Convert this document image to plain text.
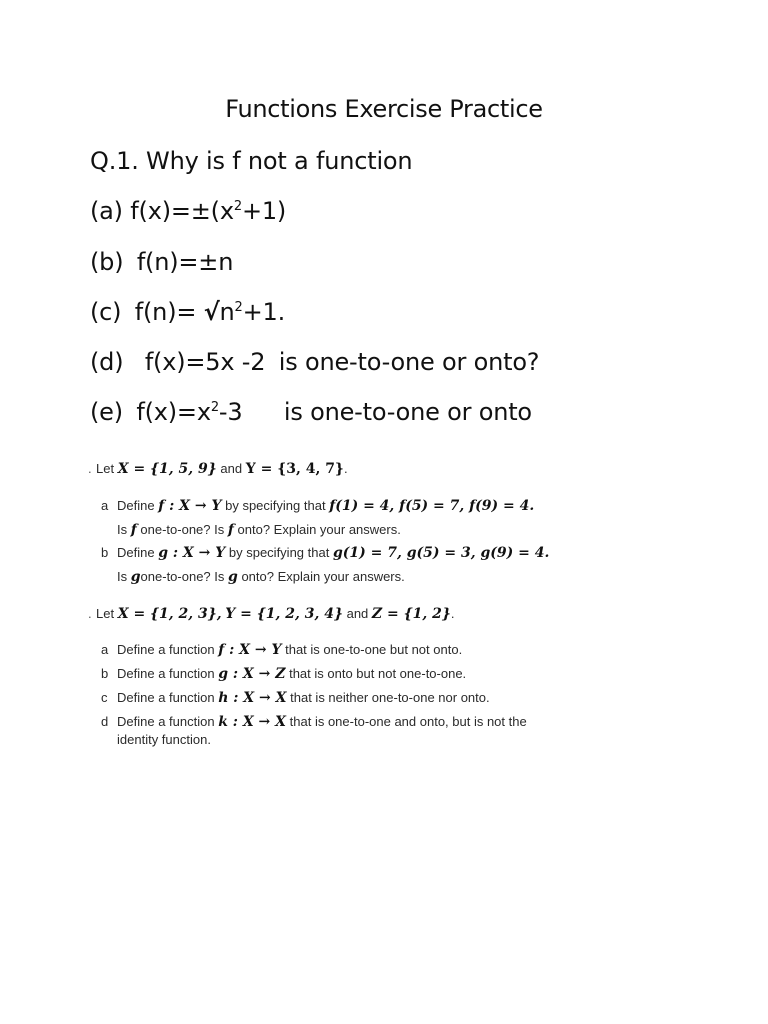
Functions Exercise Practice
Q.1. Why is f not a function
(a) $f(x)=\pm(x^2+1)$
(b) f(n)=±n
(c) $f(n)= √n^2+1$.
(d) f(x)=5x -2 is one-to-one or onto?
(e) $f(x)=x^2-3$ is one-to-one or onto
. Let X = {1, 5, 9} and Y = {3, 4, 7}.
a Define f : X → Y by specifying that f(1) = 4, f(5) = 7, f(9) = 4.
Is f one-to-one? Is f onto? Explain your answers.
b Define g : X → Y by specifying that g(1) = 7, g(5) = 3, g(9) = 4.
Is gone-to-one? Is g onto? Explain your answers.
. Let X = {1, 2, 3}, Y = {1, 2, 3, 4} and Z = {1, 2}.
a Define a function f : X → Y that is one-to-one but not onto.
b Define a function g : X → Z that is onto but not one-to-one.
c Define a function h : X → X that is neither one-to-one nor onto.
d Define a function k : X → X that is one-to-one and onto, but is not the
identity function.
